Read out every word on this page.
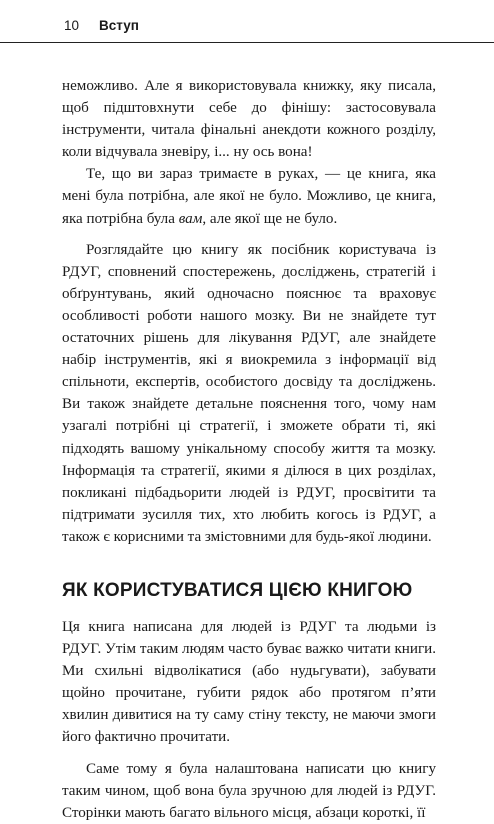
10 Вступ

неможливо. Але я використовувала книжку, яку писала, щоб підштовхнути себе до фінішу: застосовувала інструменти, читала фінальні анекдоти кожного розділу, коли відчувала зневіру, і... ну ось вона!

Те, що ви зараз тримаєте в руках, — це книга, яка мені була потрібна, але якої не було. Можливо, це книга, яка потрібна була вам, але якої ще не було.

Розглядайте цю книгу як посібник користувача із РДУГ, сповнений спостережень, досліджень, стратегій і обґрунтувань, який одночасно пояснює та враховує особливості роботи нашого мозку. Ви не знайдете тут остаточних рішень для лікування РДУГ, але знайдете набір інструментів, які я виокремила з інформації від спільноти, експертів, особистого досвіду та досліджень. Ви також знайдете детальне пояснення того, чому нам узагалі потрібні ці стратегії, і зможете обрати ті, які підходять вашому унікальному способу життя та мозку. Інформація та стратегії, якими я ділюся в цих розділах, покликані підбадьорити людей із РДУГ, просвітити та підтримати зусилля тих, хто любить когось із РДУГ, а також є корисними та змістовними для будь-якої людини.

ЯК КОРИСТУВАТИСЯ ЦІЄЮ КНИГОЮ

Ця книга написана для людей із РДУГ та людьми із РДУГ. Утім таким людям часто буває важко читати книги. Ми схильні відволікатися (або нудьгувати), забувати щойно прочитане, губити рядок або протягом п’яти хвилин дивитися на ту саму стіну тексту, не маючи змоги його фактично прочитати.

Саме тому я була налаштована написати цю книгу таким чином, щоб вона була зручною для людей із РДУГ. Сторінки мають багато вільного місця, абзаци короткі, її
